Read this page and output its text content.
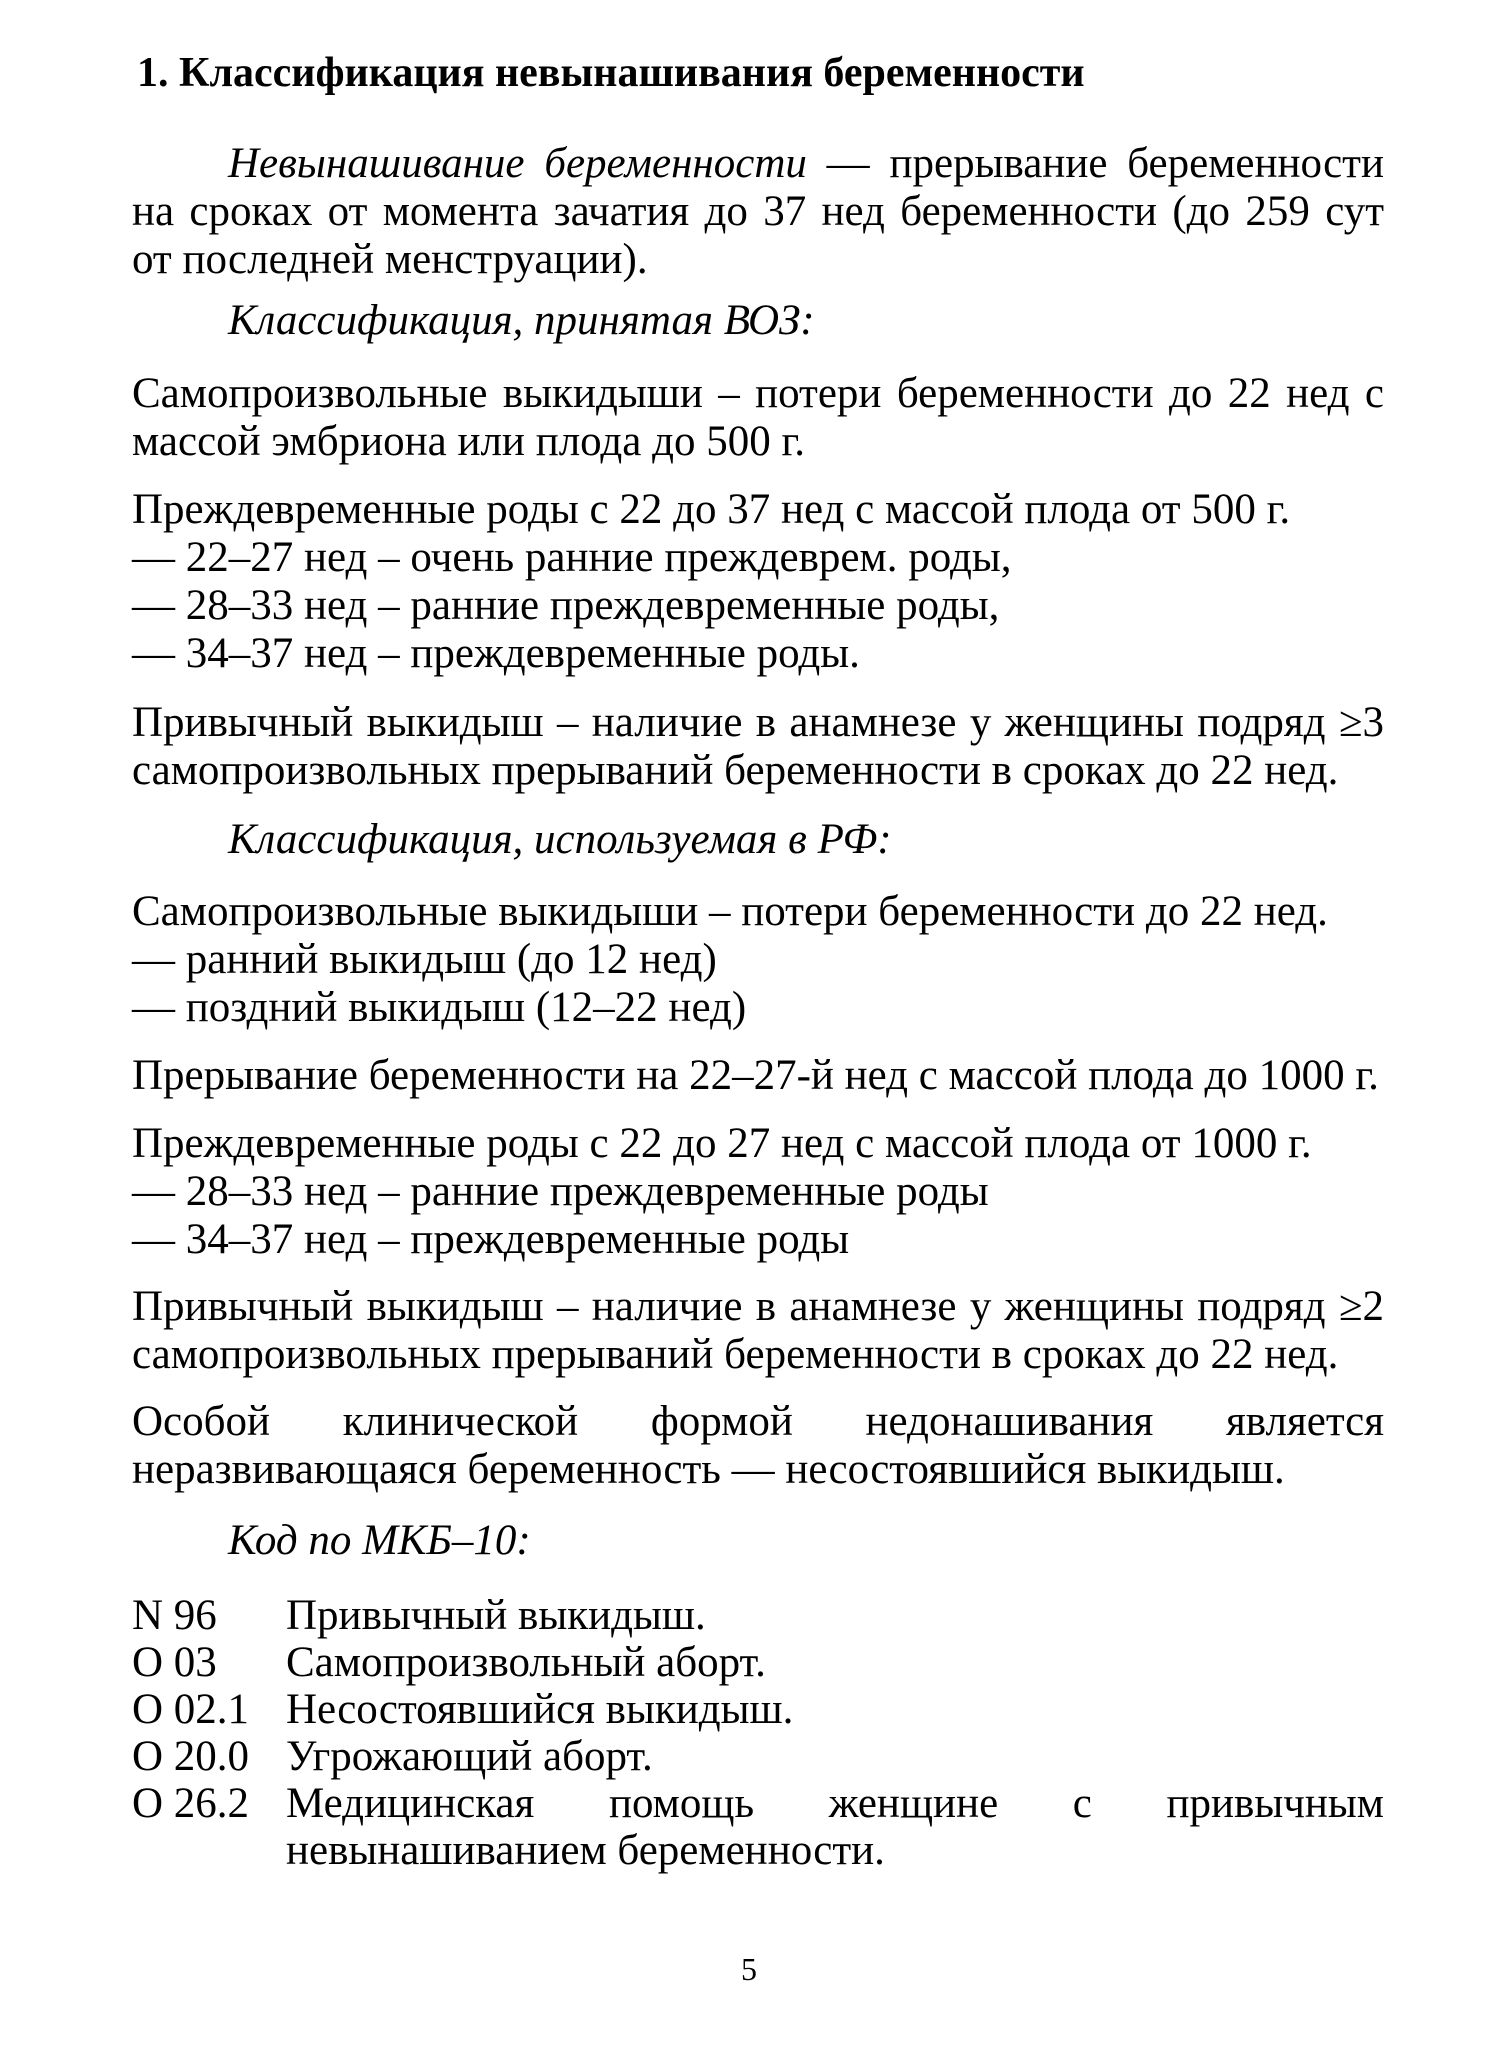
1. Классификация невынашивания беременности

Невынашивание беременности — прерывание беременности на сроках от момента зачатия до 37 нед беременности (до 259 сут от последней менструации).

Классификация, принятая ВОЗ:

Самопроизвольные выкидыши – потери беременности до 22 нед с массой эмбриона или плода до 500 г.

Преждевременные роды с 22 до 37 нед с массой плода от 500 г.
— 22–27 нед – очень ранние преждеврем. роды,
— 28–33 нед – ранние преждевременные роды,
— 34–37 нед – преждевременные роды.

Привычный выкидыш – наличие в анамнезе у женщины подряд ≥3 самопроизвольных прерываний беременности в сроках до 22 нед.

Классификация, используемая в РФ:
Самопроизвольные выкидыши – потери беременности до 22 нед.
— ранний выкидыш (до 12 нед)
— поздний выкидыш (12–22 нед)
Прерывание беременности на 22–27-й нед с массой плода до 1000 г.
Преждевременные роды с 22 до 27 нед с массой плода от 1000 г.
— 28–33 нед – ранние преждевременные роды
— 34–37 нед – преждевременные роды

Привычный выкидыш – наличие в анамнезе у женщины подряд ≥2 самопроизвольных прерываний беременности в сроках до 22 нед.

Особой клинической формой недонашивания является неразвивающаяся беременность — несостоявшийся выкидыш.

Код по МКБ–10:
N 96	Привычный выкидыш.
O 03	Самопроизвольный аборт.
O 02.1 Несостоявшийся выкидыш.
O 20.0 Угрожающий аборт.
O 26.2 Медицинская помощь женщине с привычным невынашиванием беременности.
5
